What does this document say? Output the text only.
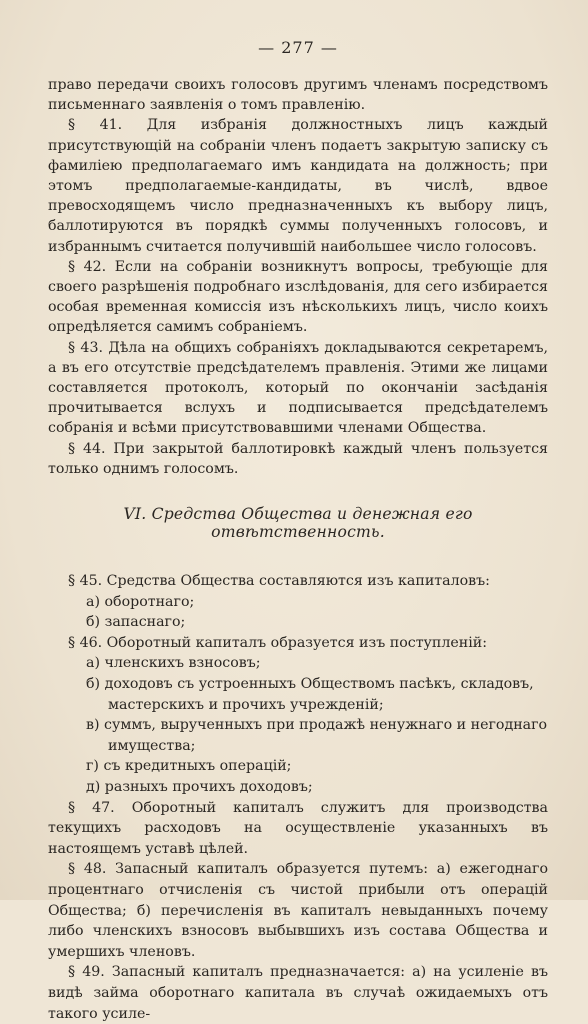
— 277 —

право передачи своихъ голосовъ другимъ членамъ посредствомъ письменнаго заявленія о томъ правленію.

§ 41. Для избранія должностныхъ лицъ каждый присутствующій на собраніи членъ подаетъ закрытую записку съ фамиліею предполагаемаго имъ кандидата на должность; при этомъ предполагаемые-кандидаты, въ числѣ, вдвое превосходящемъ число предназначенныхъ къ выбору лицъ, баллотируются въ порядкѣ суммы полученныхъ голосовъ, и избраннымъ считается получившій наибольшее число голосовъ.

§ 42. Если на собраніи возникнутъ вопросы, требующіе для своего разрѣшенія подробнаго изслѣдованія, для сего избирается особая временная комиссія изъ нѣсколькихъ лицъ, число коихъ опредѣляется самимъ собраніемъ.

§ 43. Дѣла на общихъ собраніяхъ докладываются секретаремъ, а въ его отсутствіе предсѣдателемъ правленія. Этими же лицами составляется протоколъ, который по окончаніи засѣданія прочитывается вслухъ и подписывается предсѣдателемъ собранія и всѣми присутствовавшими членами Общества.

§ 44. При закрытой баллотировкѣ каждый членъ пользуется только однимъ голосомъ.

VI. Средства Общества и денежная его отвѣтственность.

§ 45. Средства Общества составляются изъ капиталовъ:

а) оборотнаго;
б) запаснаго;

§ 46. Оборотный капиталъ образуется изъ поступленій:

а) членскихъ взносовъ;
б) доходовъ съ устроенныхъ Обществомъ пасѣкъ, складовъ, мастерскихъ и прочихъ учрежденій;
в) суммъ, вырученныхъ при продажѣ ненужнаго и негоднаго имущества;
г) съ кредитныхъ операцій;
д) разныхъ прочихъ доходовъ;

§ 47. Оборотный капиталъ служитъ для производства текущихъ расходовъ на осуществленіе указанныхъ въ настоящемъ уставѣ цѣлей.

§ 48. Запасный капиталъ образуется путемъ: а) ежегоднаго процентнаго отчисленія съ чистой прибыли отъ операцій Общества; б) перечисленія въ капиталъ невыданныхъ почему либо членскихъ взносовъ выбывшихъ изъ состава Общества и умершихъ членовъ.

§ 49. Запасный капиталъ предназначается: а) на усиленіе въ видѣ займа оборотнаго капитала въ случаѣ ожидаемыхъ отъ такого усиле-
